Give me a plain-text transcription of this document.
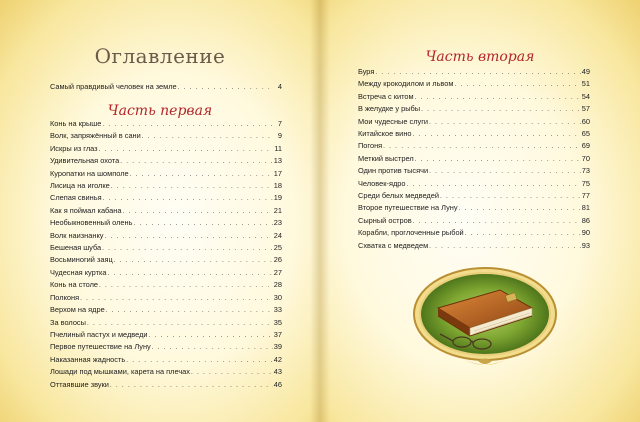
Оглавление
Самый правдивый человек на земле . . .	4
Часть первая
Конь на крыше . . .	7
Волк, запряжённый в сани . . .	9
Искры из глаз . . .	11
Удивительная охота . . .	13
Куропатки на шомполе . . .	17
Лисица на иголке . . .	18
Слепая свинья . . .	19
Как я поймал кабана . . .	21
Необыкновенный олень . . .	23
Волк наизнанку . . .	24
Бешеная шуба . . .	25
Восьминогий заяц . . .	26
Чудесная куртка . . .	27
Конь на столе . . .	28
Полконя . . .	30
Верхом на ядре . . .	33
За волосы . . .	35
Пчелиный пастух и медведи . . .	37
Первое путешествие на Луну . . .	39
Наказанная жадность . . .	42
Лошади под мышками, карета на плечах . . .	43
Оттаявшие звуки . . .	46
Часть вторая
Буря . . .	49
Между крокодилом и львом . . .	51
Встреча с китом . . .	54
В желудке у рыбы . . .	57
Мои чудесные слуги . . .	60
Китайское вино . . .	65
Погоня . . .	69
Меткий выстрел . . .	70
Один против тысячи . . .	73
Человек-ядро . . .	75
Среди белых медведей . . .	77
Второе путешествие на Луну . . .	81
Сырный остров . . .	86
Корабли, проглоченные рыбой . . .	90
Схватка с медведем . . .	93
